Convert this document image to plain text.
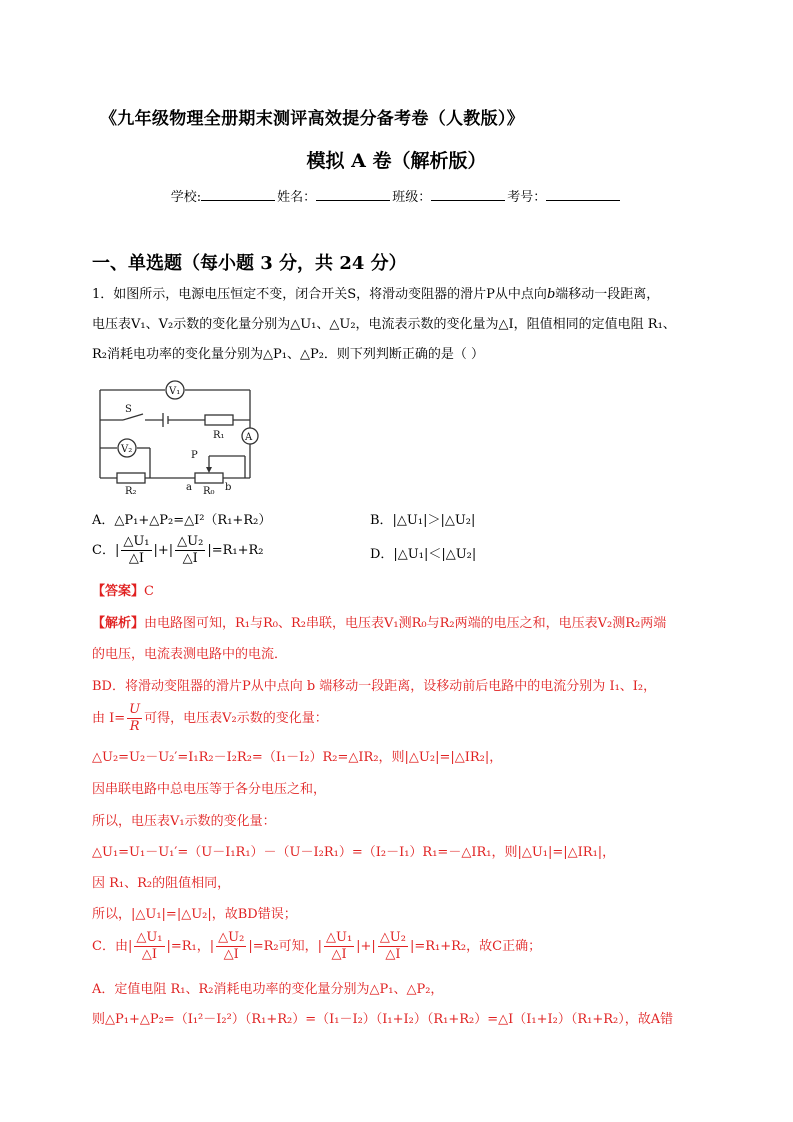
《九年级物理全册期末测评高效提分备考卷（人教版）》
模拟 A 卷（解析版）
学校:	姓名：	班级：	考号：
一、单选题（每小题 3 分，共 24 分）

1．如图所示，电源电压恒定不变，闭合开关S，将滑动变阻器的滑片P从中点向b端移动一段距离，

电压表V₁、V₂示数的变化量分别为△U₁、△U₂，电流表示数的变化量为△I，阻值相同的定值电阻 R₁、

R₂消耗电功率的变化量分别为△P₁、△P₂．则下列判断正确的是（ ）

V₁
V₂
A
S
R₁
P
R₂	R₀
a	b
A．△P₁+△P₂=△I²（R₁+R₂）	B．|△U₁|＞|△U₂|
C．| $\frac{\text{△U₁}}{\triangle I}$ |+| $\frac{\text{△U₂}}{\triangle I} |=R_1+R_2$	D．|△U₁|＜|△U₂|
【答案】C
【解析】由电路图可知，R₁与R₀、R₂串联，电压表V₁测R₀与R₂两端的电压之和，电压表V₂测R₂两端
的电压，电流表测电路中的电流．
BD．将滑动变阻器的滑片P从中点向 b 端移动一段距离，设移动前后电路中的电流分别为 I₁、I₂，
由 $I= \frac{U}{R}$ 可得，电压表V₂示数的变化量：
△U₂=U₂－U₂′=I₁R₂－I₂R₂=（I₁－I₂）R₂=△IR₂，则|△U₂|=|△IR₂|，
因串联电路中总电压等于各分电压之和，
所以，电压表V₁示数的变化量：
△U₁=U₁－U₁′=（U－I₁R₁）－（U－I₂R₁）=（I₂－I₁）R₁=－△IR₁，则|△U₁|=|△IR₁|，
因 R₁、R₂的阻值相同，
所以，|△U₁|=|△U₂|，故BD错误；
C．由| $\frac{\text{△U₁}}{\triangle I} |=R_1$，| $\frac{\text{△U₂}}{\triangle I} |=R_2$可知，| $\frac{\text{△U₁}}{\triangle I}$ |+| $\frac{\text{△U₂}}{\triangle I} |=R_1+R_2$，故C正确；
A．定值电阻 R₁、R₂消耗电功率的变化量分别为△P₁、△P₂，
则△P₁+△P₂=（I₁²－I₂²）（R₁+R₂）=（I₁－I₂）（I₁+I₂）（R₁+R₂）=△I（I₁+I₂）（R₁+R₂），故A错
